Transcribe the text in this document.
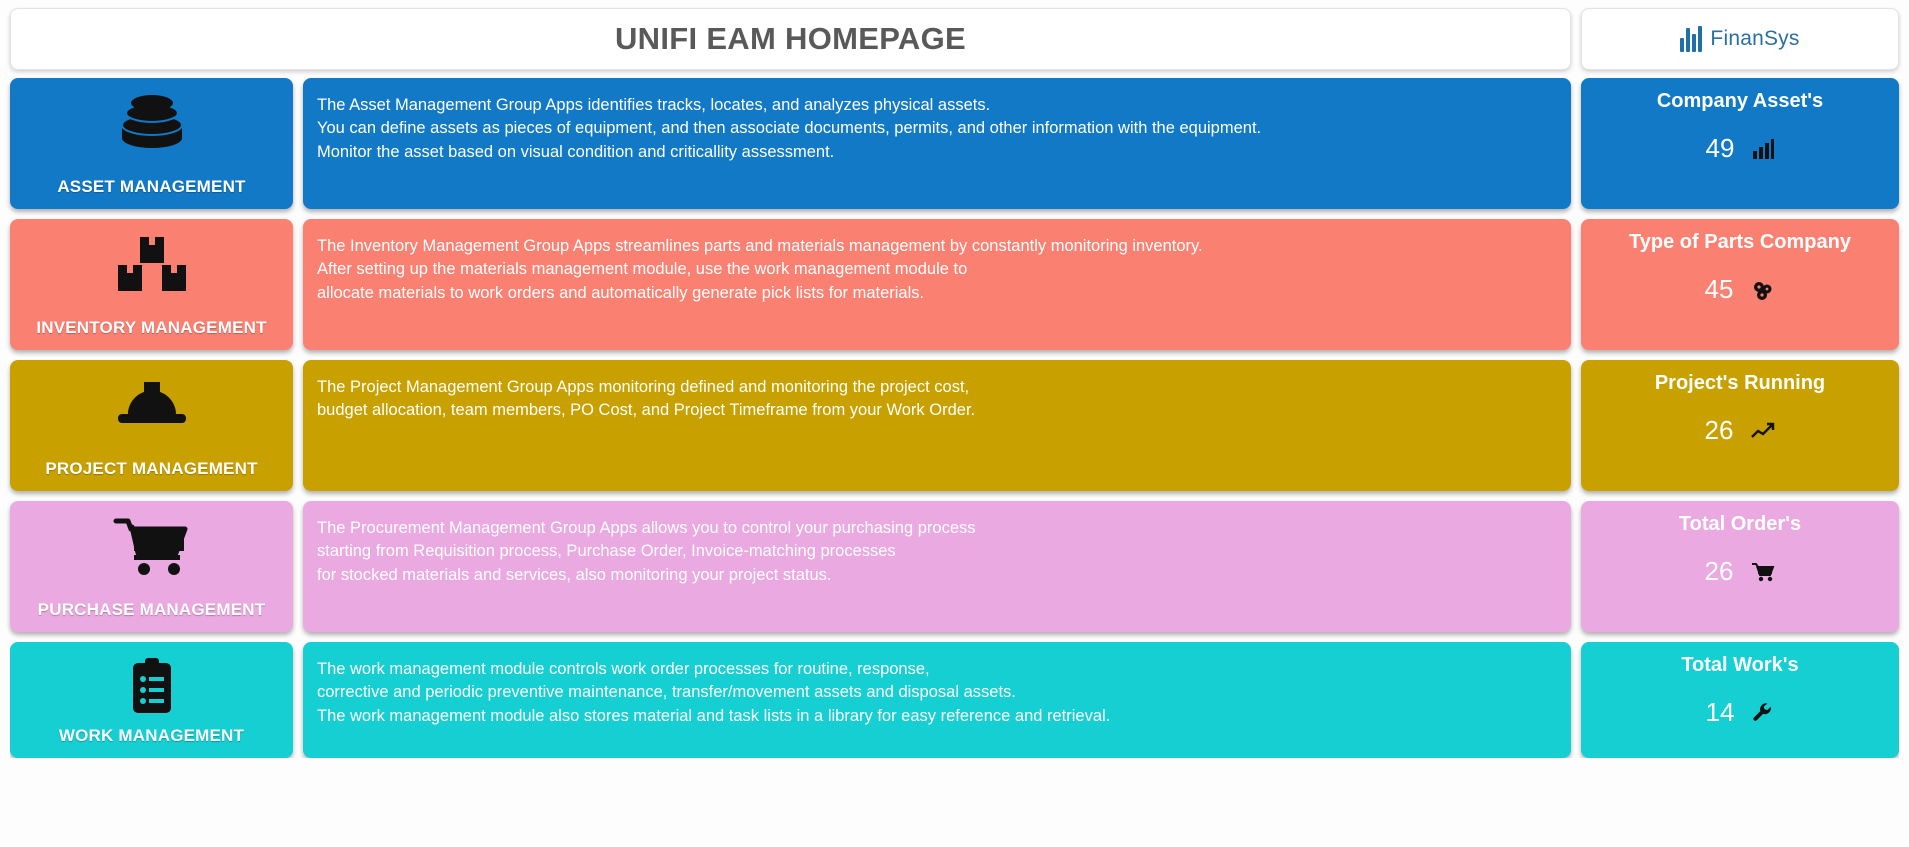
UNIFI EAM HOMEPAGE	FinanSys
ASSET MANAGEMENT

The Asset Management Group Apps identifies tracks, locates, and analyzes physical assets.

You can define assets as pieces of equipment, and then associate documents, permits, and other information with the equipment.

Monitor the asset based on visual condition and criticallity assessment.

Company Asset's
49
INVENTORY MANAGEMENT

The Inventory Management Group Apps streamlines parts and materials management by constantly monitoring inventory.

After setting up the materials management module, use the work management module to

allocate materials to work orders and automatically generate pick lists for materials.

Type of Parts Company
45
PROJECT MANAGEMENT

The Project Management Group Apps monitoring defined and monitoring the project cost,

budget allocation, team members, PO Cost, and Project Timeframe from your Work Order.

Project's Running
26
PURCHASE MANAGEMENT

The Procurement Management Group Apps allows you to control your purchasing process

starting from Requisition process, Purchase Order, Invoice-matching processes

for stocked materials and services, also monitoring your project status.

Total Order's
26
WORK MANAGEMENT

The work management module controls work order processes for routine, response,

corrective and periodic preventive maintenance, transfer/movement assets and disposal assets.

The work management module also stores material and task lists in a library for easy reference and retrieval.

Total Work's
14
